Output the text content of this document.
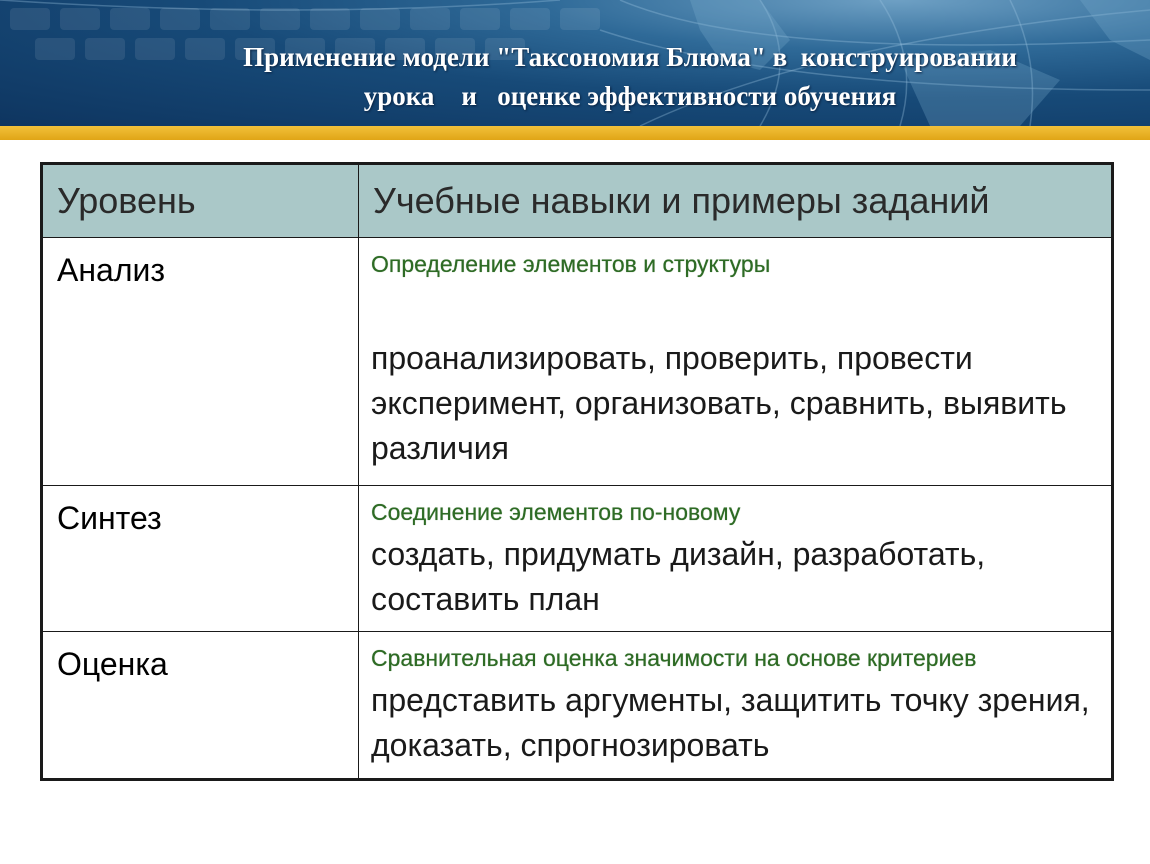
Применение модели "Таксономия Блюма" в  конструировании
урока    и   оценке эффективности обучения
Уровень	Учебные навыки и примеры заданий
Анализ	Определение элементов и структуры
проанализировать, проверить, провести эксперимент, организовать, сравнить, выявить различия

Синтез	Соединение элементов по-новому
создать, придумать дизайн, разработать, составить план

Оценка	Сравнительная оценка значимости на основе критериев
представить аргументы, защитить точку зрения, доказать, спрогнозировать
